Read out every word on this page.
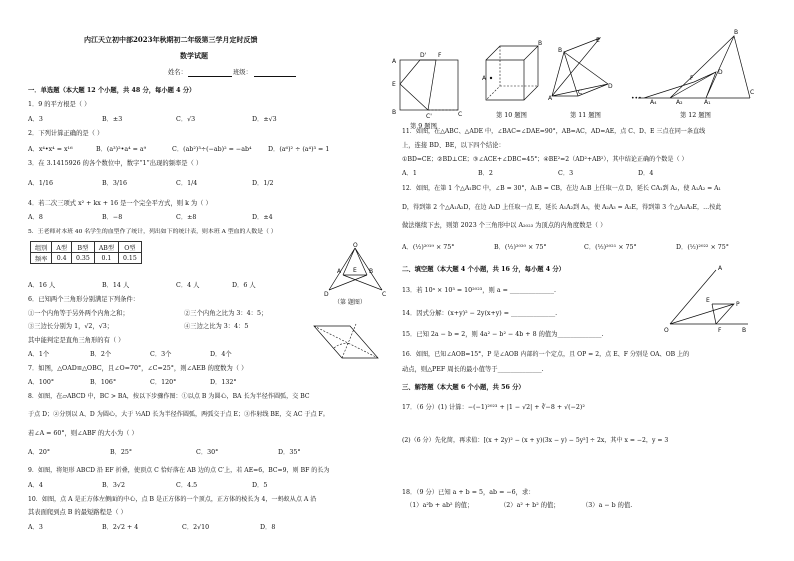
内江天立初中部2023年秋期初二年级第三学月定时反馈
数学试题
姓名：	班级：
一．单选题（本大题 12 个小题，共 48 分，每小题 4 分）
1．9 的平方根是（ ）
A．3	B．±3	C．√3	D．±√3
2．下列计算正确的是（ ）
A．x⁴•x⁴ = x¹⁶	B．(a³)²•a⁴ = a⁹	C．(ab²)³÷(−ab)² = −ab⁴	D．(a⁶)² ÷ (a⁴)³ = 1
3．在 3.1415926 的各个数位中，数字“1”出现的频率是（ ）
A．1/16	B．3/16	C．1/4	D．1/2
4．若二次三项式 x² + kx + 16 是一个完全平方式，则 k 为（ ）
A．8	B．−8	C．±8	D．±4
5．王老师对本班 40 名学生的血型作了统计，列出如下的统计表，则本班 A 型血的人数是（ ）
组别	A型	B型	AB型	O型
频率	0.4	0.35	0.1	0.15
A．16 人	B．14 人	C．4 人	D．6 人
O
A	B
E
D	C
（第 题图）
6．已知两个三角形分别满足下列条件：
①一个内角等于另外两个内角之和；	②三个内角之比为 3：4：5；
③三边长分别为 1，√2，√3；	④三边之比为 3：4：5
其中能判定是直角三角形的有（ ）
A．1个	B．2个	C．3个	D．4个
7．如图，△OAD≌△OBC，且∠O=70°，∠C=25°，则∠AEB 的度数为（ ）
A．100°	B．106°	C．120°	D．132°
8．如图，在▱ABCD 中，BC > BA，按以下步骤作图：①以点 B 为圆心，BA 长为半径作圆弧，交 BC
于点 D；②分别以 A、D 为圆心，大于 ½AD 长为半径作圆弧，两弧交于点 E；③作射线 BE，交 AC 于点 F。
若∠A = 60°，则∠ABF 的大小为（ ）
A．20°	B．25°	C．30°	D．35°
9．如图，将矩形 ABCD 沿 EF 折叠，使顶点 C 恰好落在 AB 边的点 C′上，若 AE=6，BC=9，则 BF 的长为
A．4	B．3√2	C．4.5	D．5
10．如图，点 A 是正方体左侧面的中心，点 B 是正方体的一个顶点，正方体的棱长为 4，一蚂蚁从点 A 沿
其表面爬到点 B 的最短路程是（ ）
A．3	B．2√2 + 4	C．2√10	D．8
A
D'
E
B
C'	C
F
第 9 题图
A
B
第 10 题图
E
B
A
C
D
第 11 题图
B
C
A₁
A₂
A₄
D
F
•••
第 12 题图
11．如图，在△ABC、△ADE 中，∠BAC=∠DAE=90°，AB=AC，AD=AE，点 C、D、E 三点在同一条直线
上，连接 BD、BE，以下四个结论：
①BD=CE；②BD⊥CE；③∠ACE+∠DBC=45°；④BE²=2（AD²+AB²），其中结论正确的个数是（ ）
A．1	B．2	C．3	D．4
12．如图，在第 1 个△A₁BC 中，∠B = 30°，A₁B = CB，在边 A₁B 上任取一点 D，延长 CA₁到 A₂，使 A₁A₂ = A₁
D，得到第 2 个△A₁A₂D，在边 A₂D 上任取一点 E，延长 A₁A₂到 A₃，使 A₂A₃ = A₂E，得到第 3 个△A₂A₃E，…按此
做法继续下去，则第 2023 个三角形中以 A₂₀₂₃ 为顶点的内角度数是（ ）
A．(½)²⁰¹⁹ × 75°	B．(½)²⁰²⁰ × 75°	C．(½)²⁰²¹ × 75°	D．(½)²⁰²² × 75°
二、填空题（本大题 4 个小题，共 16 分，每小题 4 分）
13．若 10ᵃ × 10³ = 10²⁰²³，则 a = ______________.
14．因式分解：(x+y)² − 2y(x+y) = ______________.
15．已知 2a − b = 2，则 4a² − b² − 4b + 8 的值为______________.
16．如图，已知∠AOB=15°，P 是∠AOB 内部的一个定点，且 OP = 2，点 E、F 分别是 OA、OB 上的
动点，则△PEF 周长的最小值等于______________.
A
E
P
O	F	B
三、解答题（本大题 6 个小题，共 56 分）
17．（6 分）(1) 计算：−(−1)²⁰²³ + |1 − √2| + ∛−8 + √(−2)²
(2)（6 分）先化简，再求值：[(x + 2y)² − (x + y)(3x − y) − 5y²] ÷ 2x，其中 x = −2，y = 3
18．（9 分）已知 a + b = 5，ab = −6，求：
（1）a²b + ab² 的值；	（2）a² + b² 的值；	（3）a − b 的值.
